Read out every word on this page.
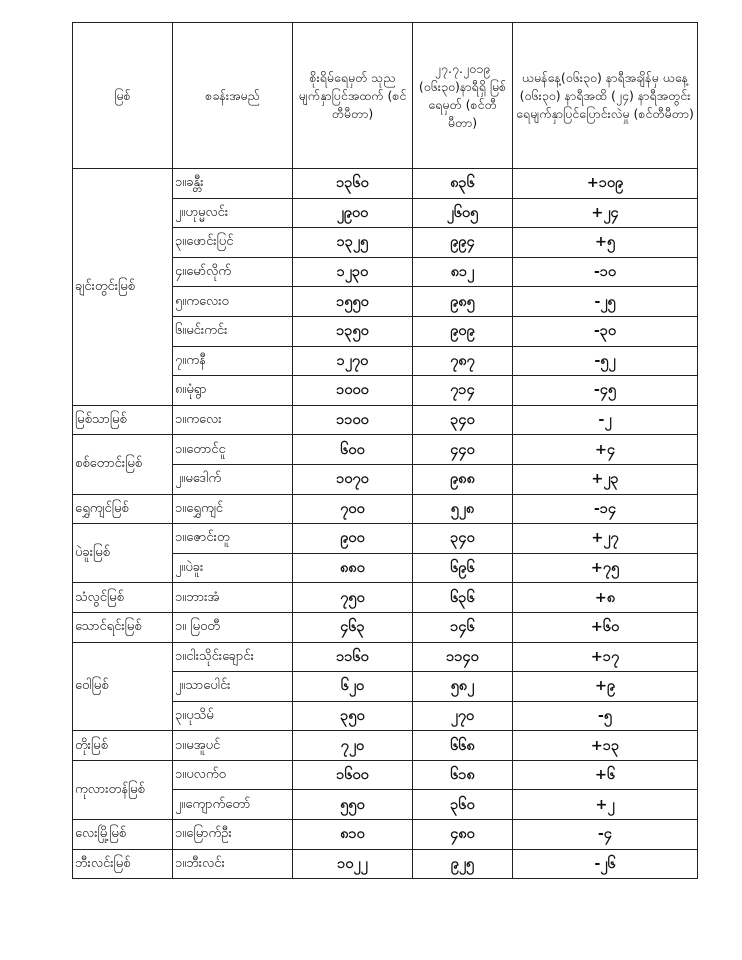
မြစ်	စခန်းအမည်	စိုးရိမ်ရေမှတ် သုညမျက်နှာပြင်အထက် (စင်တီမီတာ)	၂၇.၇.၂၀၁၉ (၀၆း၃၀)နာရီရှိ မြစ်ရေမှတ် (စင်တီမီတာ)	ယမန်နေ့(၀၆း၃၀) နာရီအချိန်မှ ယနေ့ (၀၆း၃၀) နာရီအထိ (၂၄) နာရီအတွင်း ရေမျက်နှာပြင်ပြောင်းလဲမှု (စင်တီမီတာ)
ချင်းတွင်းမြစ်	၁။ခန္တီး	၁၃၆၀	၈၃၆	+၁၀၉
	၂။ဟုမ္မလင်း	၂၉၀၀	၂၆၀၅	+၂၄
	၃။ဖောင်းပြင်	၁၃၂၅	၉၉၄	+၅
	၄။မော်လိုက်	၁၂၃၀	၈၁၂	-၁၀
	၅။ကလေးဝ	၁၅၅၀	၉၈၅	-၂၅
	၆။မင်းကင်း	၁၃၅၀	၉၀၉	-၃၀
	၇။ကနီ	၁၂၇၀	၇၈၇	-၅၂
	၈။မုံရွာ	၁၀၀၀	၇၁၄	-၄၅
မြစ်သာမြစ်	၁။ကလေး	၁၁၀၀	၃၄၀	-၂
စစ်တောင်းမြစ်	၁။တောင်ငူ	၆၀၀	၄၄၀	+၄
	၂။မဒေါက်	၁၀၇၀	၉၈၈	+၂၃
ရွှေကျင်မြစ်	၁။ရွှေကျင်	၇၀၀	၅၂၈	-၁၄
ပဲခူးမြစ်	၁။ဇောင်းတူ	၉၀၀	၃၄၀	+၂၇
	၂။ပဲခူး	၈၈၀	၆၉၆	+၇၅
သံလွင်မြစ်	၁။ဘားအံ	၇၅၀	၆၃၆	+၈
သောင်ရင်းမြစ်	၁။ မြဝတီ	၄၆၃	၁၄၆	+၆၀
ဝေါမြစ်	၁။ငါးသိုင်းချောင်း	၁၁၆၀	၁၁၄၀	+၁၇
	၂။သာပေါင်း	၆၂၀	၅၈၂	+၉
	၃။ပုသိမ်	၃၅၀	၂၇၀	-၅
တိုးမြစ်	၁။မအူပင်	၇၂၀	၆၆၈	+၁၃
ကုလားတန်မြစ်	၁။ပလက်ဝ	၁၆၀၀	၆၁၈	+၆
	၂။ကျောက်တော်	၅၅၀	၃၆၀	+၂
လေးမြို့မြစ်	၁။မြောက်ဦး	၈၁၀	၄၈၀	-၄
ဘီးလင်းမြစ်	၁။ဘီးလင်း	၁၀၂၂	၉၂၅	-၂၆
